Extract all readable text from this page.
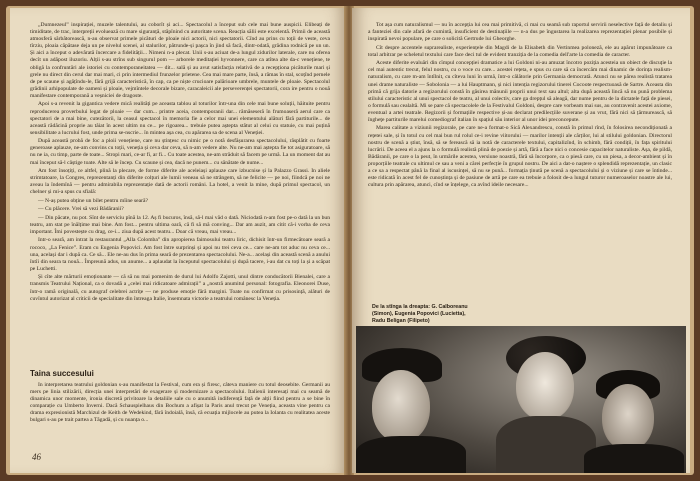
„Dumnezeul” inspirației, muzele talentului, au coborît și aci... Spectacolul a început sub cele mai bune auspicii. Elibeați de timiditate, de trac, interpreții evoluează cu mare siguranță, stăpînind cu autoritate scena. Reacția sălii este excelentă. Primii de această atmosferă sărbătorească, n-au observat primele picături de ploaie nici actorii, nici spectatorii. Cînd au prins cu toții de veste, ceva tîrziu, ploaia căpătase deja un pe nivelul scenei, al stalurilor, pătrunde-și pașca în jind să facă, dintr-odată, grădina rodnică pe un un. Și aici a început o adevărată încercare a fidelității... Nimeni n-a plecat. Unii s-au aciuat de-a lungul zidurilor laterale, care nu oferea decît un adăpost iluzoriu. Alții s-au strîns sub singurul pom — arborele meditației hyvonnere, care ca atîtea alte da-c venețiene, te obligă la confruntări ale istoriei cu contemporaneitatea — dit... sală și au avut satisfacția relativă de a recepționa picăturile mari și grele nu direct din cerul dar mai mari, ci prin intermediul frunzelor prietene. Cea mai mare parte, însă, a rămas în stal, scoțînd pernele de pe scaune și agățîndu-le, fără grijă caracteristică, în cap, ca pe niște crucioare palărioare umbrele, muntele de ploaie. Spectacolul grădinii arhipopulate de oameni și ploaie, vejmîntele decorale bizare, caracaleicii ale perseverenței spectatorii, cora ire pentru o nouă manifestare contemporană a veșniciei de dragoste.

Apoi s-a revenit la gigantica vedere mică realități pe aceasta tablou al toturilor într-una din cele mai bune soluții, hăituite pentru reproducerea proverbului legat de ploaie — dar cum... printre aceia, contemporanii dar... rămăseseră în frumoaseră aerul care ca spectatori de a mai bine, cutezătorii, la ceasul spectacol în memoria fie a celor mai unei elementului alături fără partiturile... de această rădăcină proprie au tăiat în acest ultim nu ce... pe rigoarea... trebuie putea aștepta stătut al celui cu statuie, cu mai puțină sensibilitate a lucrului fost, unde prima se-nscrie... în mintea așa cea, cu apărarea sa de scena al Veneției.

După această probă de foc a ploii venețiene, care nu ștințesc cu nimic pe o notă desfășurarea spectacolului, răsplătit cu foarte generoase aplauze, ne-am convins cu toții, veneția și ceva dar ceva, să n-am vedere alte. Nu ne-am mai aștepta fie tot asiguratoare, să nu ne ia, cu timp, parte de toate... Stropi mari, ce-ar fi, ar fi... Cu toate acestea, ne-am străduit să facem pe urmă. La un moment dat au mai început să-l câștige toate. Alte să le încep. Cu scaune și cea, dacă ne punem... cu sănătate de nume...

Am fost însoțiți, ce altfel, plină la plecare, de forme diferite ale aceleiași aplauze care izbucnise și la Palazzo Grassi. In aliele strimtatoare, la Congres, reprezentanți din diferite colțuri ale lumii veneau să ne strângem, să ne felicite — pe noi, fiindcă pe noi ne aveau la îndemînă — pentru admirabila reprezentație dată de actorii români. La hotel, a venit la mine, după primul spectacol, un chelner și mi-a spus cu sfială:

— N-aș putea obține un bilet pentru mîine seară?

— Cu plăcere. Vrei să vezi Bădăranii?

— Din păcate, nu pot. Sînt de serviciu pînă la 12. Aș fi bucuros, însă, să-l mai văd o dată. Niciodată n-am fost pe-o dată la un bun teatru, am stat pe înălțime mai bine. Am fost... pentru ultima oară, că fi să mă conving... Dar am auzit, am citit că-i vorba de ceva important. Îmi povestește cu drag, ce-i... ziua după acest teatru... Doar că vreau, mai vreau...

Intr-o seară, am intrat la restaurantul „Alla Colomba” din apropierea faimosului teatru liric, dichisit într-un firmecătoare seară a rococo, „La Fenice”. Eram cu Eugenia Popovici. Am fost între surprinși și apoi nu trei ceva ce... care ne-am tot aduc nu ceva ce... una, același dar i după ca. Ce să... Ele ne-au dus în prima seară de prezentarea spectacolului. Ne-a... același din această scenă a anului întîi din seara ta nouă... Împreună adus, un anume... a aplaudat la începutul spectacolului și după tacere, i-au dat cu toți la și a scăpat pe Luchetti.

Și cîte alte mărturii emoționante — că să nu mai pomenim de durul lui Adolfo Zajotti, unul dintre conducătorii Bienalei, care a transmis Teatrului Național, ca o dovadă a „celei mai ridicatoare admirații” a „nostră anumitul personal: fotografia. Eleonorei Duse, într-o ramă originală, cu autograf celebrei actrițe — ne produse emoție fără margini. Toate nu confirmat cu prisosință, alături de cuvîntul autorizat al criticii de specialitate din întreaga Italie, însemnata victorie a teatrului românesc la Veneția.

Taina succesului

In interpretarea teatrului goldonian s-au manifestat la Festival, cum era și firesc, câteva maniere cu totul deosebite. Germanii au mers pe linia stilizării, direcția unei interpretări de exagerare și modernizare a spectacolului. Italienii interesați mai cu seamă de dinamica unor momente, ironia discretă privitoare la detaliile sale cu o anumită indiferență față de alții fiind pentru a se bine în comparație cu Umberto Inverni. Dacă Schauspielhaus din Bochum a afișat la Paris anul trecut pe Veneția, aceasta vine pentru ca drama expresionistă Marchizul de Keith de Wedekind, fără îndoială, însă, că ecuația mijlocele au putea la Iolanta cu realitatea aceste bulgari s-au pe trait partea a Tăgadă, și cu nuanța o...

46

Tot așa cum naturalismul — nu în accepția lui cea mai primitivă, ci mai cu seamă sub raportul servirii neselective față de detaliu și a fanteziei din cale afară de cumintă, insuficient de destinațiile — n-a dus pe îngustarea la realizarea reprezentației plenar posibile și inspirată nevoi populare, pe care o solicită Gertrude lui Gheorghe.

Cît despre accentele suprarealiste, experiențele din Magdi de la Elisabeth din Vertinmea poloneză, ele au apărut impunătoare ca total arbitrar pe scheletul textului care face deci tul de evident tranziția de la comedia dell'arte la comedia de caracter.

Aceste diferite evaluări din cîmpul concepției dramatice a lui Goldoni ni-au amuzat încotro poziția acesteia un obiect de discuție la cel mai autentic trecut, felul nostru, cu o voce cu care... acestei rețeta, e spus cu care să ca încercăm mai dinamic de dorința realism-naturalism, cu care m-am întîlnit, cu cîteva luni în urmă, într-o călătorie prin Germania democrată. Atunci nu se părea realistă tratarea unei drame naturaliste — Sobolonia — a lui Hauptmann, și nici intenția regizorului tinerei Cocoote respectuoasă de Sartre. Aceasta din primă că grija datorie a regizorului constă în găsirea mănunii proprii unui text sau altul; alta după această lincă să nu pună problema stilului caracteristic al unui spectacol de teatru, al unui colectiv, care ga drepțul să aleagă, dar nume pentru de la dictatele față de piesei, o formulă sau cealaltă. Mi se pare că spectacolele de la Festivalul Goldoni, despre care vorbeam mai sus, au contravenit acestei axiome, eventual a artei teatrale. Regizorii și formațiile respective și-au declarat predilecțiile suverane și au vrut, fără nici să țărmurească, să îngheţe partiturile marelui comediograf italian în spațiul său interior al unor idei preconcepute.

Marea calitate a viziunii regizorale, pe care ne-a format-o Sică Alexandrescu, constă în primul rînd, în folosirea necondiționată a rețetei sale, și în totul cu cel mai bun rul rolul ce-i revine viitorului — marilor intenții ale cărților, lui al stilului goldonian. Directorul nostru de scenă a știut, însă, să se ferească să ia notă de caracterele textului, capitalizînd, în schimb, fără condiții, în fața spiritului lucrării. De aceea el a ajuns la o formulă realistă plină de poezie și artă, fără a face nici o concesie capacitelor naturaliste. Așa, de pildă, Bădăranii, pe care o la peut, în urmările acestea, versiune noastră, fără să încorpore, ca o piesă care, cu un piesa, a decor-ambient și în proporțiile teatrale cu ultimul ce sau a veni a cărei perfecție în grupul nostru. De aici a dat-o naștere o splendidă reprezentație, un clasic a ce sa a respectat până la final al iscusinței, să nu se pună... formația ținută pe scenă a spectacolului și o viziune și care se întinde... este ridicată în acest fel de cunoștința și de pasiune de artă pe care ea trebuie a folosit de-a lungul tuturor numeroaselor noastre ale lui, cultura prin apărarea, atunci, cînd se înțelege, ca avînd ideile necesare...

De la stînga la dreapta: G. Calboreanu (Simon), Eugenia Popovici (Lucietta), Radu Beligan (Filipeto)
